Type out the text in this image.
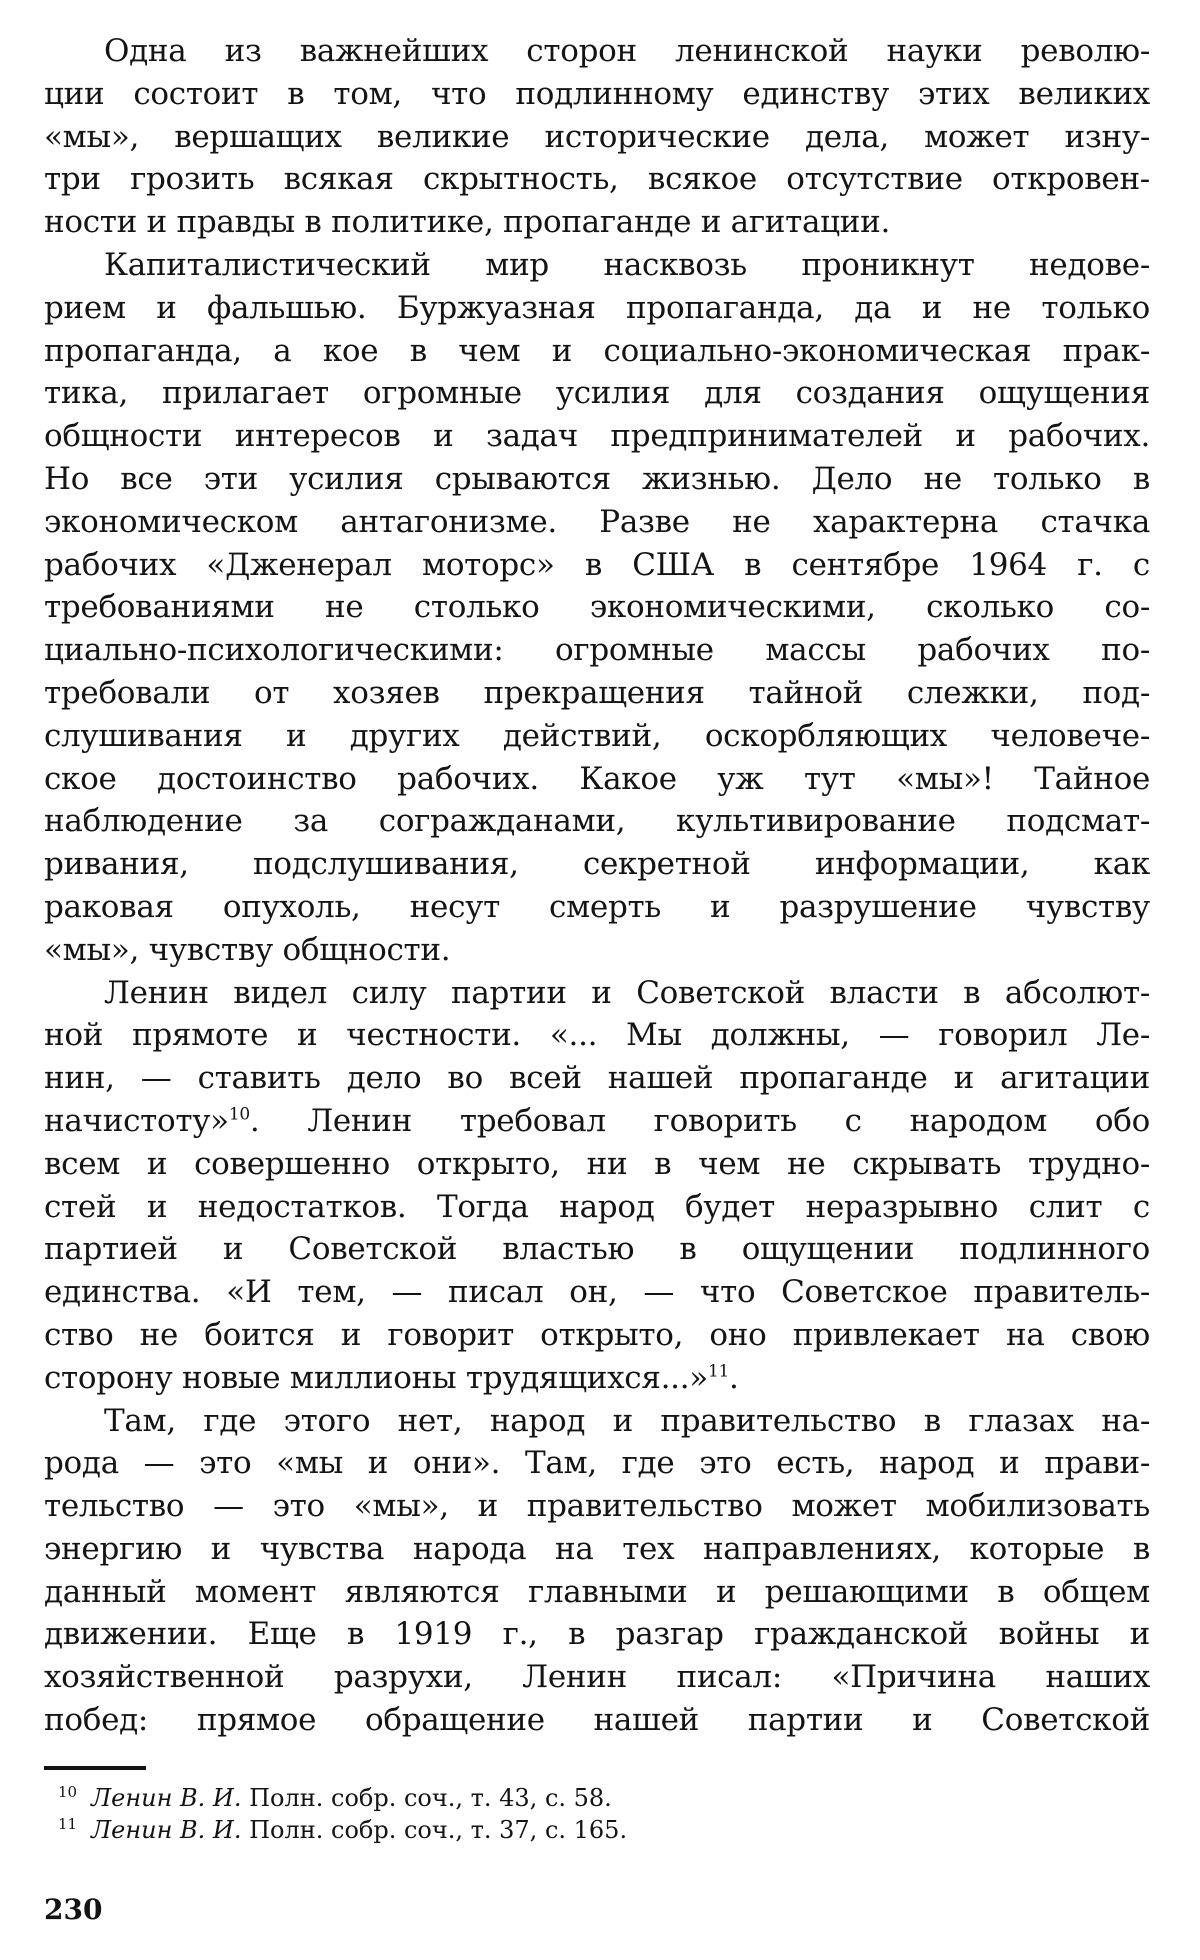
Одна из важнейших сторон ленинской науки револю-
ции состоит в том, что подлинному единству этих великих
«мы», вершащих великие исторические дела, может изну-
три грозить всякая скрытность, всякое отсутствие откровен-
ности и правды в политике, пропаганде и агитации.
Капиталистический мир насквозь проникнут недове-
рием и фальшью. Буржуазная пропаганда, да и не только
пропаганда, а кое в чем и социально-экономическая прак-
тика, прилагает огромные усилия для создания ощущения
общности интересов и задач предпринимателей и рабочих.
Но все эти усилия срываются жизнью. Дело не только в
экономическом антагонизме. Разве не характерна стачка
рабочих «Дженерал моторс» в США в сентябре 1964 г. с
требованиями не столько экономическими, сколько со-
циально-психологическими: огромные массы рабочих по-
требовали от хозяев прекращения тайной слежки, под-
слушивания и других действий, оскорбляющих человече-
ское достоинство рабочих. Какое уж тут «мы»! Тайное
наблюдение за согражданами, культивирование подсмат-
ривания, подслушивания, секретной информации, как
раковая опухоль, несут смерть и разрушение чувству
«мы», чувству общности.
Ленин видел силу партии и Советской власти в абсолют-
ной прямоте и честности. «... Мы должны, — говорил Ле-
нин, — ставить дело во всей нашей пропаганде и агитации
начистоту»$^{10}$. Ленин требовал говорить с народом обо
всем и совершенно открыто, ни в чем не скрывать трудно-
стей и недостатков. Тогда народ будет неразрывно слит с
партией и Советской властью в ощущении подлинного
единства. «И тем, — писал он, — что Советское правитель-
ство не боится и говорит открыто, оно привлекает на свою
сторону новые миллионы трудящихся...»$^{11}$.
Там, где этого нет, народ и правительство в глазах на-
рода — это «мы и они». Там, где это есть, народ и прави-
тельство — это «мы», и правительство может мобилизовать
энергию и чувства народа на тех направлениях, которые в
данный момент являются главными и решающими в общем
движении. Еще в 1919 г., в разгар гражданской войны и
хозяйственной разрухи, Ленин писал: «Причина наших
побед: прямое обращение нашей партии и Советской
$^{10}$ Ленин В. И. Полн. собр. соч., т. 43, с. 58.
$^{11}$ Ленин В. И. Полн. собр. соч., т. 37, с. 165.
230
